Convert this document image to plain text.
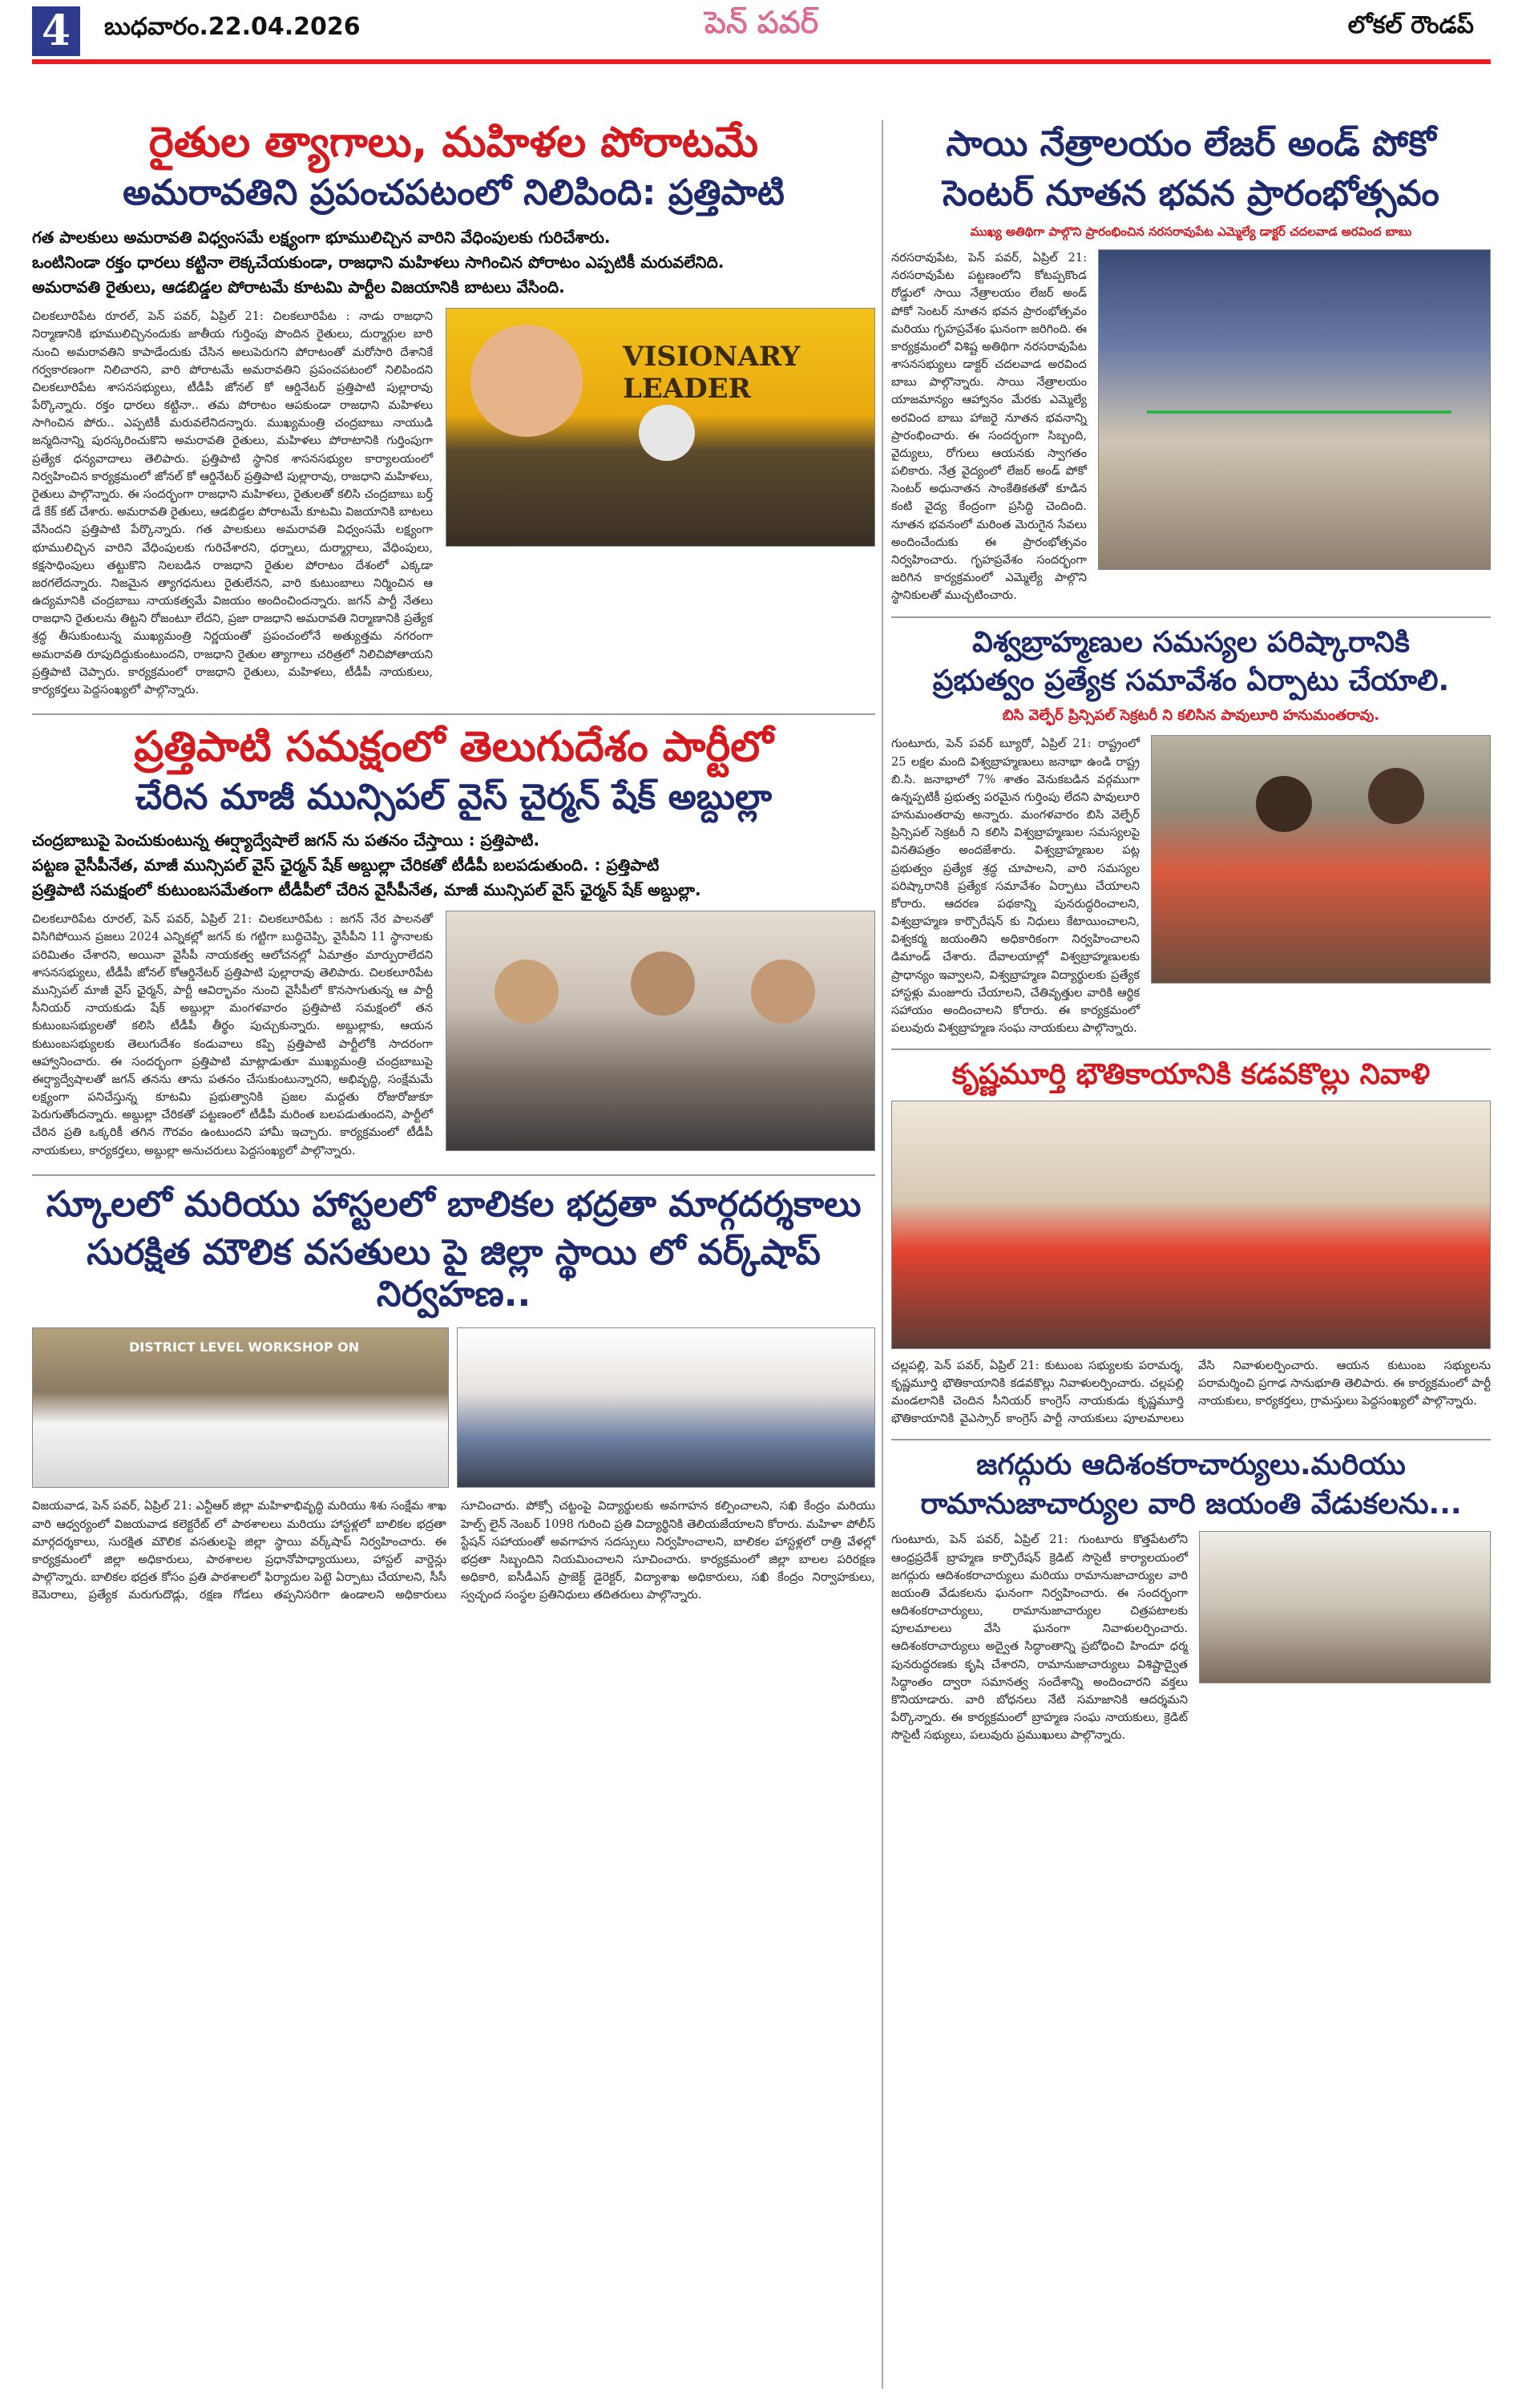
4	బుధవారం.22.04.2026	పెన్ పవర్	లోకల్ రౌండప్
రైతుల త్యాగాలు, మహిళల పోరాటమే
అమరావతిని ప్రపంచపటంలో నిలిపింది: ప్రత్తిపాటి

గత పాలకులు అమరావతి విధ్వంసమే లక్ష్యంగా భూములిచ్చిన వారిని వేధింపులకు గురిచేశారు.

ఒంటినిండా రక్తం ధారలు కట్టినా లెక్కచేయకుండా, రాజధాని మహిళలు సాగించిన పోరాటం ఎప్పటికీ మరువలేనిది.

అమరావతి రైతులు, ఆడబిడ్డల పోరాటమే కూటమి పార్టీల విజయానికి బాటలు వేసింది.

చిలకలూరిపేట రూరల్, పెన్ పవర్, ఏప్రిల్ 21: చిలకలూరిపేట : నాడు రాజధాని నిర్మాణానికి భూములిచ్చినందుకు జాతీయ గుర్తింపు పొందిన రైతులు, దుర్మార్గుల బారి నుంచి అమరావతిని కాపాడేందుకు చేసిన అలుపెరుగని పోరాటంతో మరోసారి దేశానికే గర్వకారణంగా నిలిచారని, వారి పోరాటమే అమరావతిని ప్రపంచపటంలో నిలిపిందని చిలకలూరిపేట శాసనసభ్యులు, టీడీపీ జోనల్ కో ఆర్డినేటర్ ప్రత్తిపాటి పుల్లారావు పేర్కొన్నారు. రక్తం ధారలు కట్టినా.. తమ పోరాటం ఆపకుండా రాజధాని మహిళలు సాగించిన పోరు.. ఎప్పటికీ మరువలేనిదన్నారు. ముఖ్యమంత్రి చంద్రబాబు నాయుడి జన్మదినాన్ని పురస్కరించుకొని అమరావతి రైతులు, మహిళలు పోరాటానికి గుర్తింపుగా ప్రత్యేక ధన్యవాదాలు తెలిపారు. ప్రత్తిపాటి స్థానిక శాసనసభ్యుల కార్యాలయంలో నిర్వహించిన కార్యక్రమంలో జోనల్ కో ఆర్డినేటర్ ప్రత్తిపాటి పుల్లారావు, రాజధాని మహిళలు, రైతులు పాల్గొన్నారు. ఈ సందర్భంగా రాజధాని మహిళలు, రైతులతో కలిసి చంద్రబాబు బర్త్ డే కేక్ కట్ చేశారు. అమరావతి రైతులు, ఆడబిడ్డల పోరాటమే కూటమి విజయానికి బాటలు వేసిందని ప్రత్తిపాటి పేర్కొన్నారు. గత పాలకులు అమరావతి విధ్వంసమే లక్ష్యంగా భూములిచ్చిన వారిని వేధింపులకు గురిచేశారని, ధర్నాలు, దుర్మార్గాలు, వేధింపులు, కక్షసాధింపులు తట్టుకొని నిలబడిన రాజధాని రైతుల పోరాటం దేశంలో ఎక్కడా జరగలేదన్నారు. నిజమైన త్యాగధనులు రైతులేనని, వారి కుటుంబాలు నిర్మించిన ఆ ఉద్యమానికి చంద్రబాబు నాయకత్వమే విజయం అందించిందన్నారు. జగన్ పార్టీ నేతలు రాజధాని రైతులను తిట్టని రోజంటూ లేదని, ప్రజా రాజధాని అమరావతి నిర్మాణానికి ప్రత్యేక శ్రద్ధ తీసుకుంటున్న ముఖ్యమంత్రి నిర్ణయంతో ప్రపంచంలోనే అత్యుత్తమ నగరంగా అమరావతి రూపుదిద్దుకుంటుందని, రాజధాని రైతుల త్యాగాలు చరిత్రలో నిలిచిపోతాయని ప్రత్తిపాటి చెప్పారు. కార్యక్రమంలో రాజధాని రైతులు, మహిళలు, టీడీపీ నాయకులు, కార్యకర్తలు పెద్దసంఖ్యలో పాల్గొన్నారు.

VISIONARY LEADER
ప్రత్తిపాటి సమక్షంలో తెలుగుదేశం పార్టీలో
చేరిన మాజీ మున్సిపల్ వైస్ చైర్మన్ షేక్ అబ్దుల్లా

చంద్రబాబుపై పెంచుకుంటున్న ఈర్ష్యాద్వేషాలే జగన్ ను పతనం చేస్తాయి : ప్రత్తిపాటి.

పట్టణ వైసీపీనేత, మాజీ మున్సిపల్ వైస్ ఛైర్మన్ షేక్ అబ్దుల్లా చేరికతో టీడీపీ బలపడుతుంది. : ప్రత్తిపాటి

ప్రత్తిపాటి సమక్షంలో కుటుంబసమేతంగా టీడీపీలో చేరిన వైసీపీనేత, మాజీ మున్సిపల్ వైస్ ఛైర్మన్ షేక్ అబ్దుల్లా.

చిలకలూరిపేట రూరల్, పెన్ పవర్, ఏప్రిల్ 21: చిలకలూరిపేట : జగన్ నేర పాలనతో విసిగిపోయిన ప్రజలు 2024 ఎన్నికల్లో జగన్ కు గట్టిగా బుద్ధిచెప్పి, వైసీపీని 11 స్థానాలకు పరిమితం చేశారని, అయినా వైసీపీ నాయకత్వ ఆలోచనల్లో ఏమాత్రం మార్పురాలేదని శాసనసభ్యులు, టీడీపీ జోనల్ కోఆర్డినేటర్ ప్రత్తిపాటి పుల్లారావు తెలిపారు. చిలకలూరిపేట మున్సిపల్ మాజీ వైస్ ఛైర్మన్, పార్టీ ఆవిర్భావం నుంచి వైసీపీలో కొనసాగుతున్న ఆ పార్టీ సీనియర్ నాయకుడు షేక్ అబ్దుల్లా మంగళవారం ప్రత్తిపాటి సమక్షంలో తన కుటుంబసభ్యులతో కలిసి టీడీపీ తీర్థం పుచ్చుకున్నారు. అబ్దుల్లాకు, ఆయన కుటుంబసభ్యులకు తెలుగుదేశం కండువాలు కప్పి ప్రత్తిపాటి పార్టీలోకి సాదరంగా ఆహ్వానించారు. ఈ సందర్భంగా ప్రత్తిపాటి మాట్లాడుతూ ముఖ్యమంత్రి చంద్రబాబుపై ఈర్ష్యాద్వేషాలతో జగన్ తనను తాను పతనం చేసుకుంటున్నారని, అభివృద్ధి, సంక్షేమమే లక్ష్యంగా పనిచేస్తున్న కూటమి ప్రభుత్వానికి ప్రజల మద్దతు రోజురోజుకూ పెరుగుతోందన్నారు. అబ్దుల్లా చేరికతో పట్టణంలో టీడీపీ మరింత బలపడుతుందని, పార్టీలో చేరిన ప్రతి ఒక్కరికీ తగిన గౌరవం ఉంటుందని హామీ ఇచ్చారు. కార్యక్రమంలో టీడీపీ నాయకులు, కార్యకర్తలు, అబ్దుల్లా అనుచరులు పెద్దసంఖ్యలో పాల్గొన్నారు.

స్కూలలో మరియు హాస్టలలో బాలికల భద్రతా మార్గదర్శకాలు
సురక్షిత మౌలిక వసతులు పై జిల్లా స్థాయి లో వర్క్‌షాప్ నిర్వహణ..
DISTRICT LEVEL WORKSHOP ON

విజయవాడ, పెన్ పవర్, ఏప్రిల్ 21: ఎన్టీఆర్ జిల్లా మహిళాభివృద్ధి మరియు శిశు సంక్షేమ శాఖ వారి ఆధ్వర్యంలో విజయవాడ కలెక్టరేట్ లో పాఠశాలలు మరియు హాస్టళ్లలో బాలికల భద్రతా మార్గదర్శకాలు, సురక్షిత మౌలిక వసతులపై జిల్లా స్థాయి వర్క్‌షాప్ నిర్వహించారు. ఈ కార్యక్రమంలో జిల్లా అధికారులు, పాఠశాలల ప్రధానోపాధ్యాయులు, హాస్టల్ వార్డెన్లు పాల్గొన్నారు. బాలికల భద్రత కోసం ప్రతి పాఠశాలలో ఫిర్యాదుల పెట్టె ఏర్పాటు చేయాలని, సీసీ కెమెరాలు, ప్రత్యేక మరుగుదొడ్లు, రక్షణ గోడలు తప్పనిసరిగా ఉండాలని అధికారులు సూచించారు. పోక్సో చట్టంపై విద్యార్థులకు అవగాహన కల్పించాలని, సఖి కేంద్రం మరియు హెల్ప్ లైన్ నెంబర్ 1098 గురించి ప్రతి విద్యార్థినికి తెలియజేయాలని కోరారు. మహిళా పోలీస్ స్టేషన్ సహాయంతో అవగాహన సదస్సులు నిర్వహించాలని, బాలికల హాస్టళ్లలో రాత్రి వేళల్లో భద్రతా సిబ్బందిని నియమించాలని సూచించారు. కార్యక్రమంలో జిల్లా బాలల పరిరక్షణ అధికారి, ఐసీడీఎస్ ప్రాజెక్ట్ డైరెక్టర్, విద్యాశాఖ అధికారులు, సఖి కేంద్రం నిర్వాహకులు, స్వచ్ఛంద సంస్థల ప్రతినిధులు తదితరులు పాల్గొన్నారు.

సాయి నేత్రాలయం లేజర్ అండ్ పోకో
సెంటర్ నూతన భవన ప్రారంభోత్సవం

ముఖ్య అతిథిగా పాల్గొని ప్రారంభించిన నరసరావుపేట ఎమ్మెల్యే డాక్టర్ చదలవాడ అరవింద బాబు

నరసరావుపేట, పెన్ పవర్, ఏప్రిల్ 21: నరసరావుపేట పట్టణంలోని కోటప్పకొండ రోడ్డులో సాయి నేత్రాలయం లేజర్ అండ్ పోకో సెంటర్ నూతన భవన ప్రారంభోత్సవం మరియు గృహప్రవేశం ఘనంగా జరిగింది. ఈ కార్యక్రమంలో విశిష్ట అతిథిగా నరసరావుపేట శాసనసభ్యులు డాక్టర్ చదలవాడ అరవింద బాబు పాల్గొన్నారు. సాయి నేత్రాలయం యాజమాన్యం ఆహ్వానం మేరకు ఎమ్మెల్యే అరవింద బాబు హాజరై నూతన భవనాన్ని ప్రారంభించారు. ఈ సందర్భంగా సిబ్బంది, వైద్యులు, రోగులు ఆయనకు స్వాగతం పలికారు. నేత్ర వైద్యంలో లేజర్ అండ్ పోకో సెంటర్ అధునాతన సాంకేతికతతో కూడిన కంటి వైద్య కేంద్రంగా ప్రసిద్ధి చెందింది. నూతన భవనంలో మరింత మెరుగైన సేవలు అందించేందుకు ఈ ప్రారంభోత్సవం నిర్వహించారు. గృహప్రవేశం సందర్భంగా జరిగిన కార్యక్రమంలో ఎమ్మెల్యే పాల్గొని స్థానికులతో ముచ్చటించారు.

విశ్వబ్రాహ్మణుల సమస్యల పరిష్కారానికి
ప్రభుత్వం ప్రత్యేక సమావేశం ఏర్పాటు చేయాలి.

బిసి వెల్ఫేర్ ప్రిన్సిపల్ సెక్రటరీ ని కలిసిన పావులూరి హనుమంతరావు.

గుంటూరు, పెన్ పవర్ బ్యూరో, ఏప్రిల్ 21: రాష్ట్రంలో 25 లక్షల మంది విశ్వబ్రాహ్మణులు జనాభా ఉండి రాష్ట్ర బి.సి. జనాభాలో 7% శాతం వెనుకబడిన వర్గముగా ఉన్నప్పటికీ ప్రభుత్వ పరమైన గుర్తింపు లేదని పావులూరి హనుమంతరావు అన్నారు. మంగళవారం బిసి వెల్ఫేర్ ప్రిన్సిపల్ సెక్రటరీ ని కలిసి విశ్వబ్రాహ్మణుల సమస్యలపై వినతిపత్రం అందజేశారు. విశ్వబ్రాహ్మణుల పట్ల ప్రభుత్వం ప్రత్యేక శ్రద్ధ చూపాలని, వారి సమస్యల పరిష్కారానికి ప్రత్యేక సమావేశం ఏర్పాటు చేయాలని కోరారు. ఆదరణ పథకాన్ని పునరుద్ధరించాలని, విశ్వబ్రాహ్మణ కార్పొరేషన్ కు నిధులు కేటాయించాలని, విశ్వకర్మ జయంతిని అధికారికంగా నిర్వహించాలని డిమాండ్ చేశారు. దేవాలయాల్లో విశ్వబ్రాహ్మణులకు ప్రాధాన్యం ఇవ్వాలని, విశ్వబ్రాహ్మణ విద్యార్థులకు ప్రత్యేక హాస్టళ్లు మంజూరు చేయాలని, చేతివృత్తుల వారికి ఆర్థిక సహాయం అందించాలని కోరారు. ఈ కార్యక్రమంలో పలువురు విశ్వబ్రాహ్మణ సంఘ నాయకులు పాల్గొన్నారు.

కృష్ణమూర్తి భౌతికాయానికి కడవకొల్లు నివాళి

చల్లపల్లి, పెన్ పవర్, ఏప్రిల్ 21: కుటుంబ సభ్యులకు పరామర్శ, కృష్ణమూర్తి భౌతికాయానికి కడవకొల్లు నివాళులర్పించారు. చల్లపల్లి మండలానికి చెందిన సీనియర్ కాంగ్రెస్ నాయకుడు కృష్ణమూర్తి భౌతికాయానికి వైఎస్సార్ కాంగ్రెస్ పార్టీ నాయకులు పూలమాలలు వేసి నివాళులర్పించారు. ఆయన కుటుంబ సభ్యులను పరామర్శించి ప్రగాఢ సానుభూతి తెలిపారు. ఈ కార్యక్రమంలో పార్టీ నాయకులు, కార్యకర్తలు, గ్రామస్తులు పెద్దసంఖ్యలో పాల్గొన్నారు.

జగద్గురు ఆదిశంకరాచార్యులు.మరియు
రామానుజాచార్యుల వారి జయంతి వేడుకలను...

గుంటూరు, పెన్ పవర్, ఏప్రిల్ 21: గుంటూరు కొత్తపేటలోని ఆంధ్రప్రదేశ్ బ్రాహ్మణ కార్పొరేషన్ క్రెడిట్ సొసైటీ కార్యాలయంలో జగద్గురు ఆదిశంకరాచార్యులు మరియు రామానుజాచార్యుల వారి జయంతి వేడుకలను ఘనంగా నిర్వహించారు. ఈ సందర్భంగా ఆదిశంకరాచార్యులు, రామానుజాచార్యుల చిత్రపటాలకు పూలమాలలు వేసి ఘనంగా నివాళులర్పించారు. ఆదిశంకరాచార్యులు అద్వైత సిద్ధాంతాన్ని ప్రబోధించి హిందూ ధర్మ పునరుద్ధరణకు కృషి చేశారని, రామానుజాచార్యులు విశిష్టాద్వైత సిద్ధాంతం ద్వారా సమానత్వ సందేశాన్ని అందించారని వక్తలు కొనియాడారు. వారి బోధనలు నేటి సమాజానికి ఆదర్శమని పేర్కొన్నారు. ఈ కార్యక్రమంలో బ్రాహ్మణ సంఘ నాయకులు, క్రెడిట్ సొసైటీ సభ్యులు, పలువురు ప్రముఖులు పాల్గొన్నారు.
